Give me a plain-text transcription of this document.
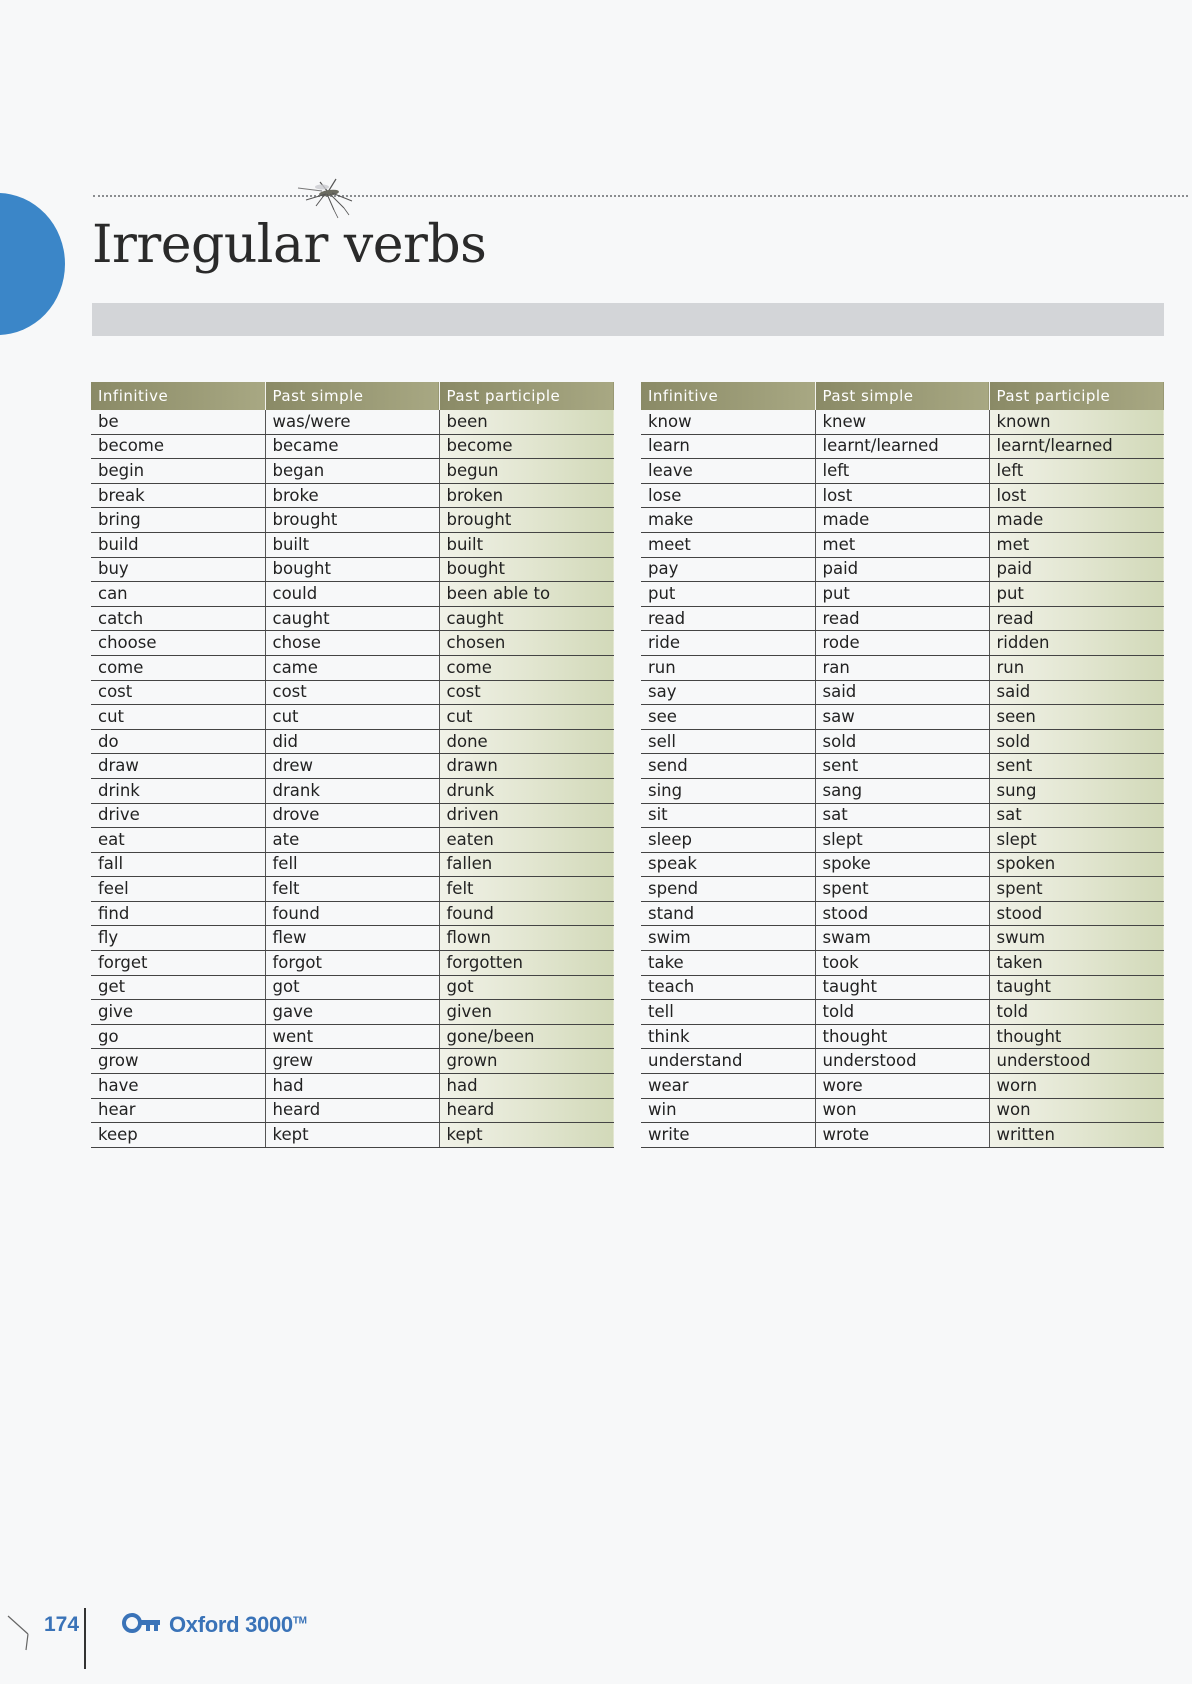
Irregular verbs
Infinitive	Past simple	Past participle
be	was/were	been
become	became	become
begin	began	begun
break	broke	broken
bring	brought	brought
build	built	built
buy	bought	bought
can	could	been able to
catch	caught	caught
choose	chose	chosen
come	came	come
cost	cost	cost
cut	cut	cut
do	did	done
draw	drew	drawn
drink	drank	drunk
drive	drove	driven
eat	ate	eaten
fall	fell	fallen
feel	felt	felt
find	found	found
fly	flew	flown
forget	forgot	forgotten
get	got	got
give	gave	given
go	went	gone/been
grow	grew	grown
have	had	had
hear	heard	heard
keep	kept	kept
Infinitive	Past simple	Past participle
know	knew	known
learn	learnt/learned	learnt/learned
leave	left	left
lose	lost	lost
make	made	made
meet	met	met
pay	paid	paid
put	put	put
read	read	read
ride	rode	ridden
run	ran	run
say	said	said
see	saw	seen
sell	sold	sold
send	sent	sent
sing	sang	sung
sit	sat	sat
sleep	slept	slept
speak	spoke	spoken
spend	spent	spent
stand	stood	stood
swim	swam	swum
take	took	taken
teach	taught	taught
tell	told	told
think	thought	thought
understand	understood	understood
wear	wore	worn
win	won	won
write	wrote	written
174	Oxford 3000™
